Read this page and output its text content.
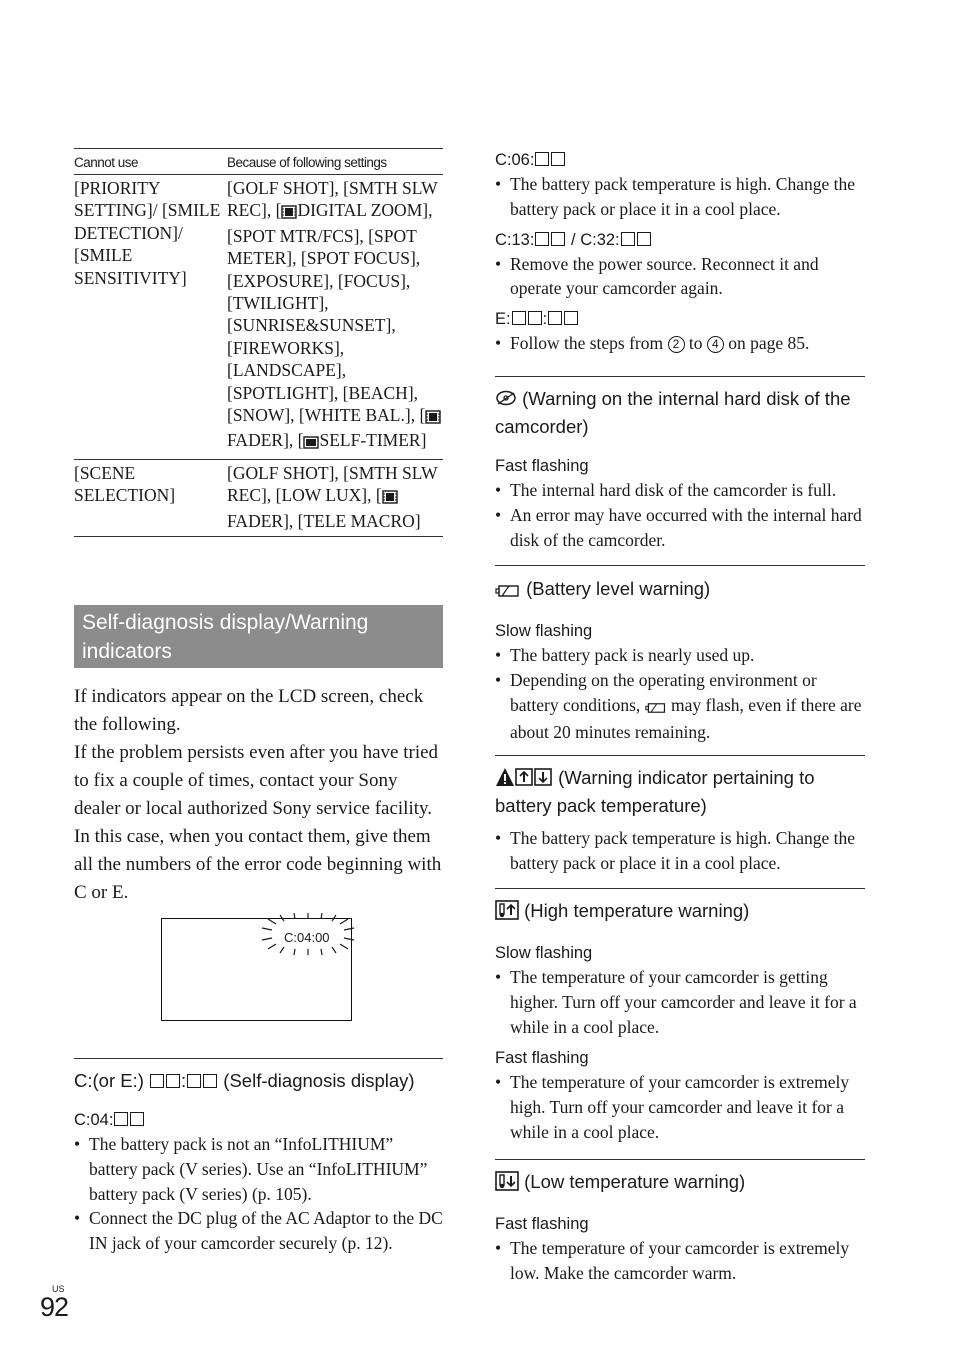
Cannot use	Because of following settings
[PRIORITY SETTING]/ [SMILE DETECTION]/ [SMILE SENSITIVITY]	[GOLF SHOT], [SMTH SLW REC], [ DIGITAL ZOOM], [SPOT MTR/FCS], [SPOT METER], [SPOT FOCUS], [EXPOSURE], [FOCUS], [TWILIGHT], [SUNRISE&SUNSET], [FIREWORKS], [LANDSCAPE], [SPOTLIGHT], [BEACH], [SNOW], [WHITE BAL.], [FADER], [ SELF-TIMER]
[SCENE SELECTION]	[GOLF SHOT], [SMTH SLW REC], [LOW LUX], [FADER], [TELE MACRO]
Self-diagnosis display/Warning indicators

If indicators appear on the LCD screen, check the following.

If the problem persists even after you have tried to fix a couple of times, contact your Sony dealer or local authorized Sony service facility. In this case, when you contact them, give them all the numbers of the error code beginning with C or E.

C:04:00
C:(or E:) : (Self-diagnosis display)
C:04:
• The battery pack is not an “InfoLITHIUM” battery pack (V series). Use an “InfoLITHIUM” battery pack (V series) (p. 105).
• Connect the DC plug of the AC Adaptor to the DC IN jack of your camcorder securely (p. 12).
US
92
C:06:
• The battery pack temperature is high. Change the battery pack or place it in a cool place.
C:13: / C:32:
• Remove the power source. Reconnect it and operate your camcorder again.
E: :
• Follow the steps from 2 to 4 on page 85.
(Warning on the internal hard disk of the camcorder)
Fast flashing
• The internal hard disk of the camcorder is full.
• An error may have occurred with the internal hard disk of the camcorder.
(Battery level warning)
Slow flashing
• The battery pack is nearly used up.
• Depending on the operating environment or battery conditions,  may flash, even if there are about 20 minutes remaining.
(Warning indicator pertaining to battery pack temperature)
• The battery pack temperature is high. Change the battery pack or place it in a cool place.
(High temperature warning)
Slow flashing
• The temperature of your camcorder is getting higher. Turn off your camcorder and leave it for a while in a cool place.
Fast flashing
• The temperature of your camcorder is extremely high. Turn off your camcorder and leave it for a while in a cool place.
(Low temperature warning)
Fast flashing
• The temperature of your camcorder is extremely low. Make the camcorder warm.
